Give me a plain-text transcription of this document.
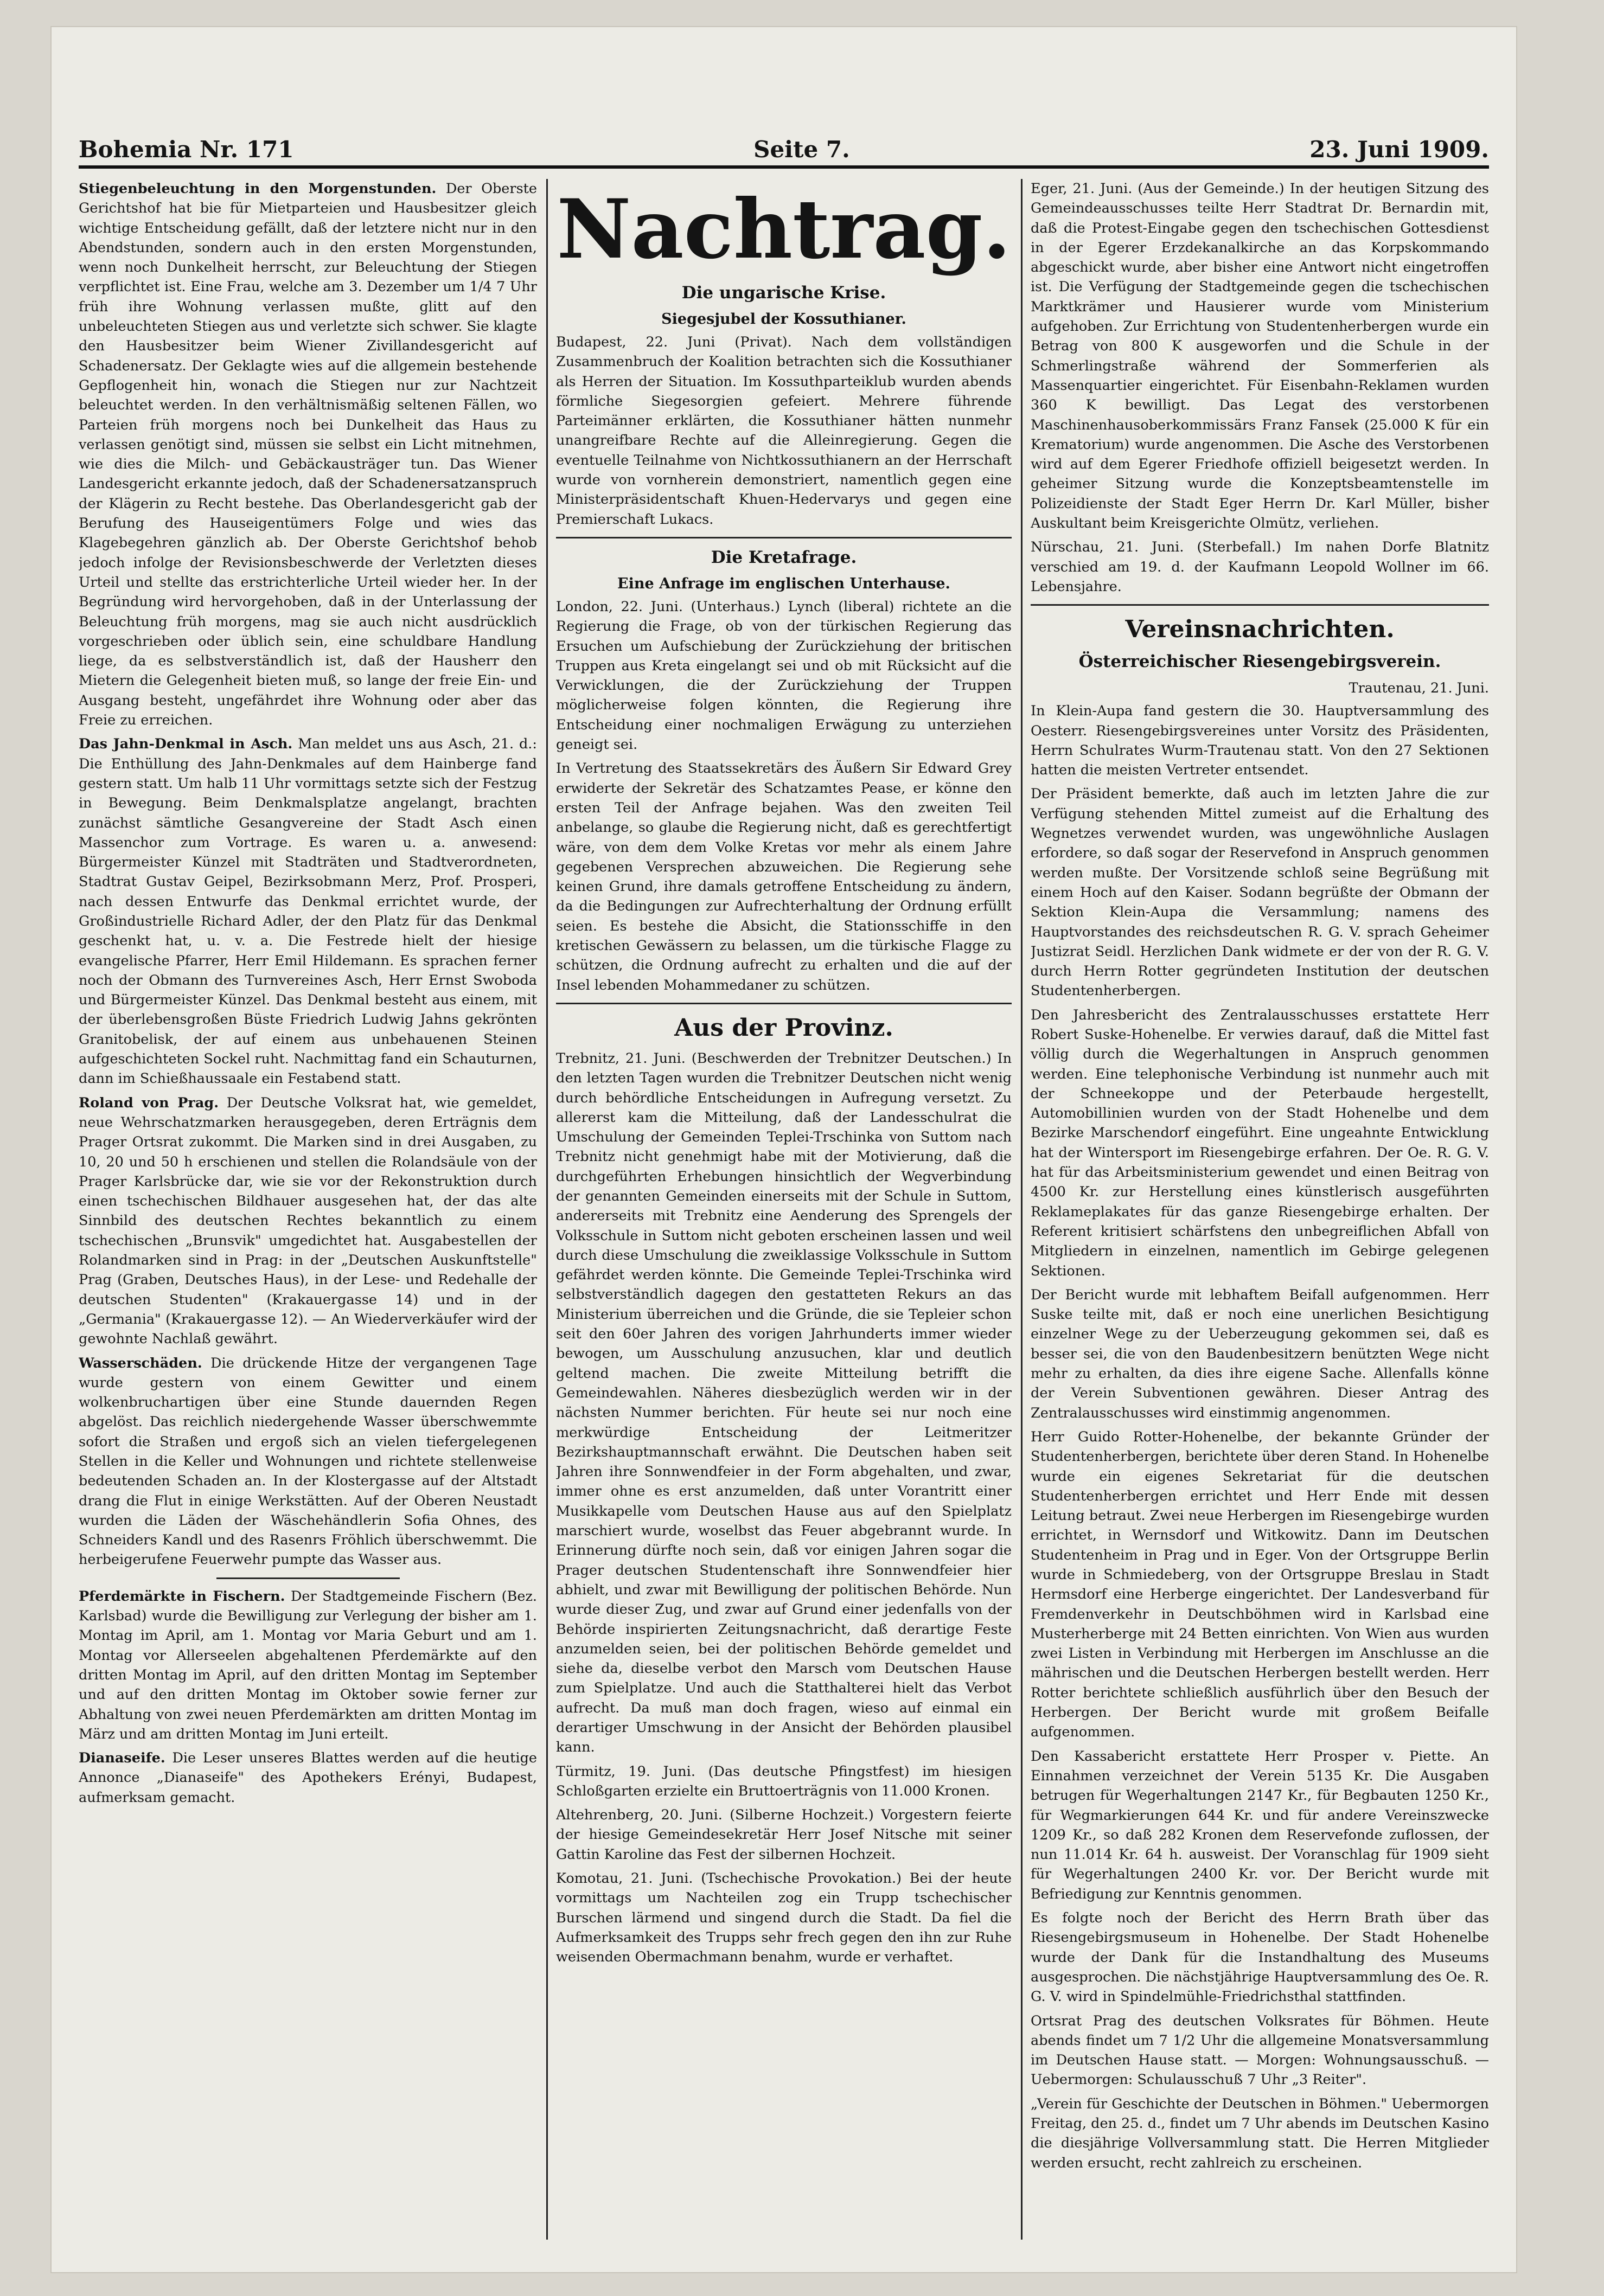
Bohemia Nr. 171	Seite 7.	23. Juni 1909.

Stiegenbeleuchtung in den Morgenstunden. Der Oberste Gerichtshof hat bie für Mietparteien und Hausbesitzer gleich wichtige Entscheidung gefällt, daß der letztere nicht nur in den Abendstunden, sondern auch in den ersten Morgenstunden, wenn noch Dunkelheit herrscht, zur Beleuchtung der Stiegen verpflichtet ist. Eine Frau, welche am 3. Dezember um 1/4 7 Uhr früh ihre Wohnung verlassen mußte, glitt auf den unbeleuchteten Stiegen aus und verletzte sich schwer. Sie klagte den Hausbesitzer beim Wiener Zivillandesgericht auf Schadenersatz. Der Geklagte wies auf die allgemein bestehende Gepflogenheit hin, wonach die Stiegen nur zur Nachtzeit beleuchtet werden. In den verhältnismäßig seltenen Fällen, wo Parteien früh morgens noch bei Dunkelheit das Haus zu verlassen genötigt sind, müssen sie selbst ein Licht mitnehmen, wie dies die Milch- und Gebäckausträger tun. Das Wiener Landesgericht erkannte jedoch, daß der Schadenersatzanspruch der Klägerin zu Recht bestehe. Das Oberlandesgericht gab der Berufung des Hauseigentümers Folge und wies das Klagebegehren gänzlich ab. Der Oberste Gerichtshof behob jedoch infolge der Revisionsbeschwerde der Verletzten dieses Urteil und stellte das erstrichterliche Urteil wieder her. In der Begründung wird hervorgehoben, daß in der Unterlassung der Beleuchtung früh morgens, mag sie auch nicht ausdrücklich vorgeschrieben oder üblich sein, eine schuldbare Handlung liege, da es selbstverständlich ist, daß der Hausherr den Mietern die Gelegenheit bieten muß, so lange der freie Ein- und Ausgang besteht, ungefährdet ihre Wohnung oder aber das Freie zu erreichen.

Das Jahn-Denkmal in Asch. Man meldet uns aus Asch, 21. d.: Die Enthüllung des Jahn-Denkmales auf dem Hainberge fand gestern statt. Um halb 11 Uhr vormittags setzte sich der Festzug in Bewegung. Beim Denkmalsplatze angelangt, brachten zunächst sämtliche Gesangvereine der Stadt Asch einen Massenchor zum Vortrage. Es waren u. a. anwesend: Bürgermeister Künzel mit Stadträten und Stadtverordneten, Stadtrat Gustav Geipel, Bezirksobmann Merz, Prof. Prosperi, nach dessen Entwurfe das Denkmal errichtet wurde, der Großindustrielle Richard Adler, der den Platz für das Denkmal geschenkt hat, u. v. a. Die Festrede hielt der hiesige evangelische Pfarrer, Herr Emil Hildemann. Es sprachen ferner noch der Obmann des Turnvereines Asch, Herr Ernst Swoboda und Bürgermeister Künzel. Das Denkmal besteht aus einem, mit der überlebensgroßen Büste Friedrich Ludwig Jahns gekrönten Granitobelisk, der auf einem aus unbehauenen Steinen aufgeschichteten Sockel ruht. Nachmittag fand ein Schauturnen, dann im Schießhaussaale ein Festabend statt.

Roland von Prag. Der Deutsche Volksrat hat, wie gemeldet, neue Wehrschatzmarken herausgegeben, deren Erträgnis dem Prager Ortsrat zukommt. Die Marken sind in drei Ausgaben, zu 10, 20 und 50 h erschienen und stellen die Rolandsäule von der Prager Karlsbrücke dar, wie sie vor der Rekonstruktion durch einen tschechischen Bildhauer ausgesehen hat, der das alte Sinnbild des deutschen Rechtes bekanntlich zu einem tschechischen „Brunsvik" umgedichtet hat. Ausgabestellen der Rolandmarken sind in Prag: in der „Deutschen Auskunftstelle" Prag (Graben, Deutsches Haus), in der Lese- und Redehalle der deutschen Studenten" (Krakauergasse 14) und in der „Germania" (Krakauergasse 12). — An Wiederverkäufer wird der gewohnte Nachlaß gewährt.

Wasserschäden. Die drückende Hitze der vergangenen Tage wurde gestern von einem Gewitter und einem wolkenbruchartigen über eine Stunde dauernden Regen abgelöst. Das reichlich niedergehende Wasser überschwemmte sofort die Straßen und ergoß sich an vielen tiefergelegenen Stellen in die Keller und Wohnungen und richtete stellenweise bedeutenden Schaden an. In der Klostergasse auf der Altstadt drang die Flut in einige Werkstätten. Auf der Oberen Neustadt wurden die Läden der Wäschehändlerin Sofia Ohnes, des Schneiders Kandl und des Rasenrs Fröhlich überschwemmt. Die herbeigerufene Feuerwehr pumpte das Wasser aus.

Pferdemärkte in Fischern. Der Stadtgemeinde Fischern (Bez. Karlsbad) wurde die Bewilligung zur Verlegung der bisher am 1. Montag im April, am 1. Montag vor Maria Geburt und am 1. Montag vor Allerseelen abgehaltenen Pferdemärkte auf den dritten Montag im April, auf den dritten Montag im September und auf den dritten Montag im Oktober sowie ferner zur Abhaltung von zwei neuen Pferdemärkten am dritten Montag im März und am dritten Montag im Juni erteilt.

Dianaseife. Die Leser unseres Blattes werden auf die heutige Annonce „Dianaseife" des Apothekers Erényi, Budapest, aufmerksam gemacht.

Nachtrag.
Die ungarische Krise.
Siegesjubel der Kossuthianer.

Budapest, 22. Juni (Privat). Nach dem vollständigen Zusammenbruch der Koalition betrachten sich die Kossuthianer als Herren der Situation. Im Kossuthparteiklub wurden abends förmliche Siegesorgien gefeiert. Mehrere führende Parteimänner erklärten, die Kossuthianer hätten nunmehr unangreifbare Rechte auf die Alleinregierung. Gegen die eventuelle Teilnahme von Nichtkossuthianern an der Herrschaft wurde von vornherein demonstriert, namentlich gegen eine Ministerpräsidentschaft Khuen-Hedervarys und gegen eine Premierschaft Lukacs.

Die Kretafrage.
Eine Anfrage im englischen Unterhause.

London, 22. Juni. (Unterhaus.) Lynch (liberal) richtete an die Regierung die Frage, ob von der türkischen Regierung das Ersuchen um Aufschiebung der Zurückziehung der britischen Truppen aus Kreta eingelangt sei und ob mit Rücksicht auf die Verwicklungen, die der Zurückziehung der Truppen möglicherweise folgen könnten, die Regierung ihre Entscheidung einer nochmaligen Erwägung zu unterziehen geneigt sei.

In Vertretung des Staatssekretärs des Äußern Sir Edward Grey erwiderte der Sekretär des Schatzamtes Pease, er könne den ersten Teil der Anfrage bejahen. Was den zweiten Teil anbelange, so glaube die Regierung nicht, daß es gerechtfertigt wäre, von dem dem Volke Kretas vor mehr als einem Jahre gegebenen Versprechen abzuweichen. Die Regierung sehe keinen Grund, ihre damals getroffene Entscheidung zu ändern, da die Bedingungen zur Aufrechterhaltung der Ordnung erfüllt seien. Es bestehe die Absicht, die Stationsschiffe in den kretischen Gewässern zu belassen, um die türkische Flagge zu schützen, die Ordnung aufrecht zu erhalten und die auf der Insel lebenden Mohammedaner zu schützen.

Aus der Provinz.

Trebnitz, 21. Juni. (Beschwerden der Trebnitzer Deutschen.) In den letzten Tagen wurden die Trebnitzer Deutschen nicht wenig durch behördliche Entscheidungen in Aufregung versetzt. Zu allererst kam die Mitteilung, daß der Landesschulrat die Umschulung der Gemeinden Teplei-Trschinka von Suttom nach Trebnitz nicht genehmigt habe mit der Motivierung, daß die durchgeführten Erhebungen hinsichtlich der Wegverbindung der genannten Gemeinden einerseits mit der Schule in Suttom, andererseits mit Trebnitz eine Aenderung des Sprengels der Volksschule in Suttom nicht geboten erscheinen lassen und weil durch diese Umschulung die zweiklassige Volksschule in Suttom gefährdet werden könnte. Die Gemeinde Teplei-Trschinka wird selbstverständlich dagegen den gestatteten Rekurs an das Ministerium überreichen und die Gründe, die sie Tepleier schon seit den 60er Jahren des vorigen Jahrhunderts immer wieder bewogen, um Ausschulung anzusuchen, klar und deutlich geltend machen. Die zweite Mitteilung betrifft die Gemeindewahlen. Näheres diesbezüglich werden wir in der nächsten Nummer berichten. Für heute sei nur noch eine merkwürdige Entscheidung der Leitmeritzer Bezirkshauptmannschaft erwähnt. Die Deutschen haben seit Jahren ihre Sonnwendfeier in der Form abgehalten, und zwar, immer ohne es erst anzumelden, daß unter Vorantritt einer Musikkapelle vom Deutschen Hause aus auf den Spielplatz marschiert wurde, woselbst das Feuer abgebrannt wurde. In Erinnerung dürfte noch sein, daß vor einigen Jahren sogar die Prager deutschen Studentenschaft ihre Sonnwendfeier hier abhielt, und zwar mit Bewilligung der politischen Behörde. Nun wurde dieser Zug, und zwar auf Grund einer jedenfalls von der Behörde inspirierten Zeitungsnachricht, daß derartige Feste anzumelden seien, bei der politischen Behörde gemeldet und siehe da, dieselbe verbot den Marsch vom Deutschen Hause zum Spielplatze. Und auch die Statthalterei hielt das Verbot aufrecht. Da muß man doch fragen, wieso auf einmal ein derartiger Umschwung in der Ansicht der Behörden plausibel kann.

Türmitz, 19. Juni. (Das deutsche Pfingstfest) im hiesigen Schloßgarten erzielte ein Bruttoerträgnis von 11.000 Kronen.

Altehrenberg, 20. Juni. (Silberne Hochzeit.) Vorgestern feierte der hiesige Gemeindesekretär Herr Josef Nitsche mit seiner Gattin Karoline das Fest der silbernen Hochzeit.

Komotau, 21. Juni. (Tschechische Provokation.) Bei der heute vormittags um Nachteilen zog ein Trupp tschechischer Burschen lärmend und singend durch die Stadt. Da fiel die Aufmerksamkeit des Trupps sehr frech gegen den ihn zur Ruhe weisenden Obermachmann benahm, wurde er verhaftet.

Eger, 21. Juni. (Aus der Gemeinde.) In der heutigen Sitzung des Gemeindeausschusses teilte Herr Stadtrat Dr. Bernardin mit, daß die Protest-Eingabe gegen den tschechischen Gottesdienst in der Egerer Erzdekanalkirche an das Korpskommando abgeschickt wurde, aber bisher eine Antwort nicht eingetroffen ist. Die Verfügung der Stadtgemeinde gegen die tschechischen Marktkrämer und Hausierer wurde vom Ministerium aufgehoben. Zur Errichtung von Studentenherbergen wurde ein Betrag von 800 K ausgeworfen und die Schule in der Schmerlingstraße während der Sommerferien als Massenquartier eingerichtet. Für Eisenbahn-Reklamen wurden 360 K bewilligt. Das Legat des verstorbenen Maschinenhausoberkommissärs Franz Fansek (25.000 K für ein Krematorium) wurde angenommen. Die Asche des Verstorbenen wird auf dem Egerer Friedhofe offiziell beigesetzt werden. In geheimer Sitzung wurde die Konzeptsbeamtenstelle im Polizeidienste der Stadt Eger Herrn Dr. Karl Müller, bisher Auskultant beim Kreisgerichte Olmütz, verliehen.

Nürschau, 21. Juni. (Sterbefall.) Im nahen Dorfe Blatnitz verschied am 19. d. der Kaufmann Leopold Wollner im 66. Lebensjahre.

Vereinsnachrichten.
Österreichischer Riesengebirgsverein.
Trautenau, 21. Juni.

In Klein-Aupa fand gestern die 30. Hauptversammlung des Oesterr. Riesengebirgsvereines unter Vorsitz des Präsidenten, Herrn Schulrates Wurm-Trautenau statt. Von den 27 Sektionen hatten die meisten Vertreter entsendet.

Der Präsident bemerkte, daß auch im letzten Jahre die zur Verfügung stehenden Mittel zumeist auf die Erhaltung des Wegnetzes verwendet wurden, was ungewöhnliche Auslagen erfordere, so daß sogar der Reservefond in Anspruch genommen werden mußte. Der Vorsitzende schloß seine Begrüßung mit einem Hoch auf den Kaiser. Sodann begrüßte der Obmann der Sektion Klein-Aupa die Versammlung; namens des Hauptvorstandes des reichsdeutschen R. G. V. sprach Geheimer Justizrat Seidl. Herzlichen Dank widmete er der von der R. G. V. durch Herrn Rotter gegründeten Institution der deutschen Studentenherbergen.

Den Jahresbericht des Zentralausschusses erstattete Herr Robert Suske-Hohenelbe. Er verwies darauf, daß die Mittel fast völlig durch die Wegerhaltungen in Anspruch genommen werden. Eine telephonische Verbindung ist nunmehr auch mit der Schneekoppe und der Peterbaude hergestellt, Automobillinien wurden von der Stadt Hohenelbe und dem Bezirke Marschendorf eingeführt. Eine ungeahnte Entwicklung hat der Wintersport im Riesengebirge erfahren. Der Oe. R. G. V. hat für das Arbeitsministerium gewendet und einen Beitrag von 4500 Kr. zur Herstellung eines künstlerisch ausgeführten Reklameplakates für das ganze Riesengebirge erhalten. Der Referent kritisiert schärfstens den unbegreiflichen Abfall von Mitgliedern in einzelnen, namentlich im Gebirge gelegenen Sektionen.

Der Bericht wurde mit lebhaftem Beifall aufgenommen. Herr Suske teilte mit, daß er noch eine unerlichen Besichtigung einzelner Wege zu der Ueberzeugung gekommen sei, daß es besser sei, die von den Baudenbesitzern benützten Wege nicht mehr zu erhalten, da dies ihre eigene Sache. Allenfalls könne der Verein Subventionen gewähren. Dieser Antrag des Zentralausschusses wird einstimmig angenommen.

Herr Guido Rotter-Hohenelbe, der bekannte Gründer der Studentenherbergen, berichtete über deren Stand. In Hohenelbe wurde ein eigenes Sekretariat für die deutschen Studentenherbergen errichtet und Herr Ende mit dessen Leitung betraut. Zwei neue Herbergen im Riesengebirge wurden errichtet, in Wernsdorf und Witkowitz. Dann im Deutschen Studentenheim in Prag und in Eger. Von der Ortsgruppe Berlin wurde in Schmiedeberg, von der Ortsgruppe Breslau in Stadt Hermsdorf eine Herberge eingerichtet. Der Landesverband für Fremdenverkehr in Deutschböhmen wird in Karlsbad eine Musterherberge mit 24 Betten einrichten. Von Wien aus wurden zwei Listen in Verbindung mit Herbergen im Anschlusse an die mährischen und die Deutschen Herbergen bestellt werden. Herr Rotter berichtete schließlich ausführlich über den Besuch der Herbergen. Der Bericht wurde mit großem Beifalle aufgenommen.

Den Kassabericht erstattete Herr Prosper v. Piette. An Einnahmen verzeichnet der Verein 5135 Kr. Die Ausgaben betrugen für Wegerhaltungen 2147 Kr., für Begbauten 1250 Kr., für Wegmarkierungen 644 Kr. und für andere Vereinszwecke 1209 Kr., so daß 282 Kronen dem Reservefonde zuflossen, der nun 11.014 Kr. 64 h. ausweist. Der Voranschlag für 1909 sieht für Wegerhaltungen 2400 Kr. vor. Der Bericht wurde mit Befriedigung zur Kenntnis genommen.

Es folgte noch der Bericht des Herrn Brath über das Riesengebirgsmuseum in Hohenelbe. Der Stadt Hohenelbe wurde der Dank für die Instandhaltung des Museums ausgesprochen. Die nächstjährige Hauptversammlung des Oe. R. G. V. wird in Spindelmühle-Friedrichsthal stattfinden.

Ortsrat Prag des deutschen Volksrates für Böhmen. Heute abends findet um 7 1/2 Uhr die allgemeine Monatsversammlung im Deutschen Hause statt. — Morgen: Wohnungsausschuß. — Uebermorgen: Schulausschuß 7 Uhr „3 Reiter".

„Verein für Geschichte der Deutschen in Böhmen." Uebermorgen Freitag, den 25. d., findet um 7 Uhr abends im Deutschen Kasino die diesjährige Vollversammlung statt. Die Herren Mitglieder werden ersucht, recht zahlreich zu erscheinen.
